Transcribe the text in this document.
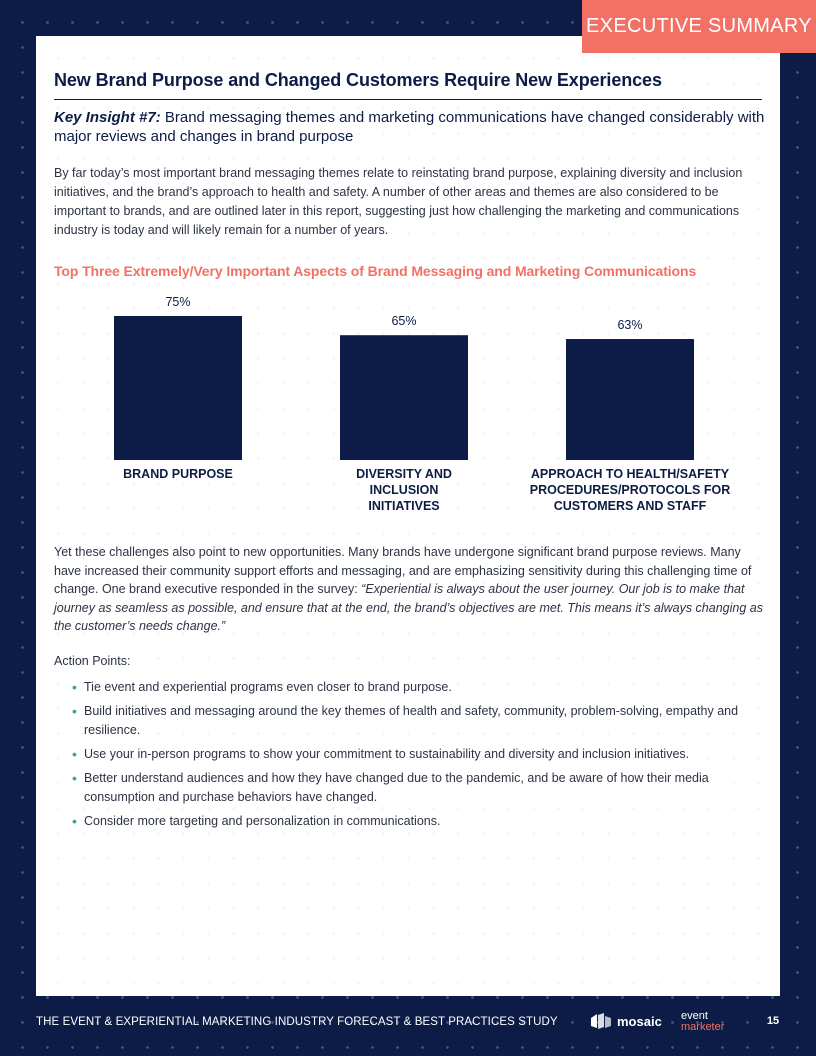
EXECUTIVE SUMMARY
New Brand Purpose and Changed Customers Require New Experiences

Key Insight #7: Brand messaging themes and marketing communications have changed considerably with major reviews and changes in brand purpose

By far today’s most important brand messaging themes relate to reinstating brand purpose, explaining diversity and inclusion initiatives, and the brand’s approach to health and safety. A number of other areas and themes are also considered to be important to brands, and are outlined later in this report, suggesting just how challenging the marketing and communications industry is today and will likely remain for a number of years.

Top Three Extremely/Very Important Aspects of Brand Messaging and Marketing Communications
75%
BRAND PURPOSE
65%
DIVERSITY AND INCLUSION INITIATIVES
63%
APPROACH TO HEALTH/SAFETY PROCEDURES/PROTOCOLS FOR CUSTOMERS AND STAFF

Yet these challenges also point to new opportunities. Many brands have undergone significant brand purpose reviews. Many have increased their community support efforts and messaging, and are emphasizing sensitivity during this challenging time of change. One brand executive responded in the survey: “Experiential is always about the user journey. Our job is to make that journey as seamless as possible, and ensure that at the end, the brand’s objectives are met. This means it’s always changing as the customer’s needs change.”

Action Points:
• Tie event and experiential programs even closer to brand purpose.
• Build initiatives and messaging around the key themes of health and safety, community, problem-solving, empathy and resilience.
• Use your in-person programs to show your commitment to sustainability and diversity and inclusion initiatives.
• Better understand audiences and how they have changed due to the pandemic, and be aware of how their media consumption and purchase behaviors have changed.
• Consider more targeting and personalization in communications.
THE EVENT & EXPERIENTIAL MARKETING INDUSTRY FORECAST & BEST PRACTICES STUDY	mosaic event
marketer	15
